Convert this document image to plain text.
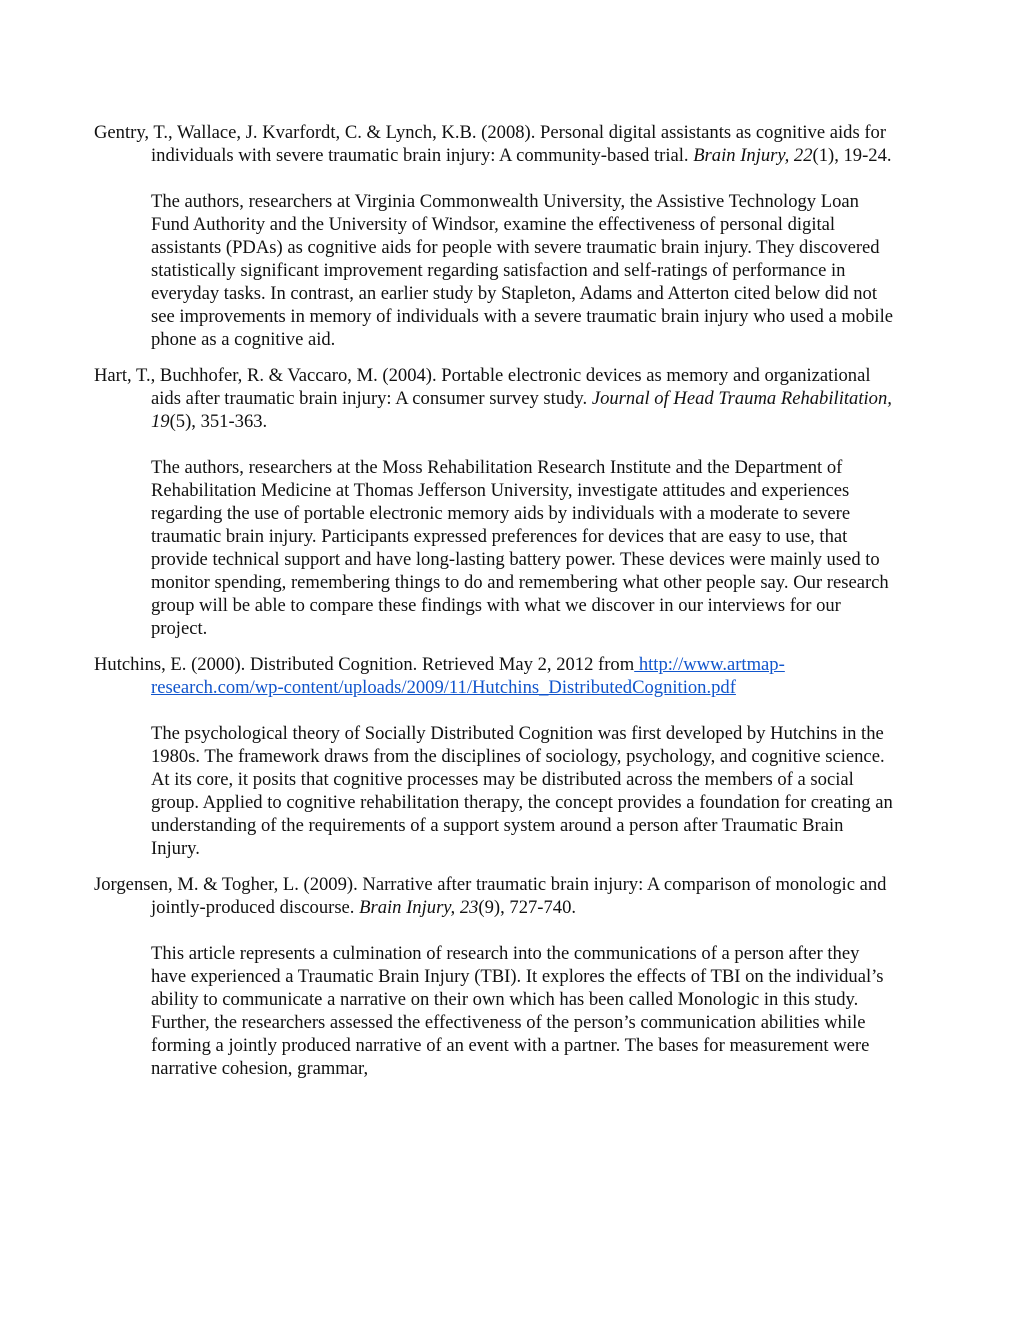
Gentry, T., Wallace, J. Kvarfordt, C. & Lynch, K.B. (2008). Personal digital assistants as cognitive aids for individuals with severe traumatic brain injury: A community-based trial. Brain Injury, 22(1), 19-24.

The authors, researchers at Virginia Commonwealth University, the Assistive Technology Loan Fund Authority and the University of Windsor, examine the effectiveness of personal digital assistants (PDAs) as cognitive aids for people with severe traumatic brain injury. They discovered statistically significant improvement regarding satisfaction and self-ratings of performance in everyday tasks. In contrast, an earlier study by Stapleton, Adams and Atterton cited below did not see improvements in memory of individuals with a severe traumatic brain injury who used a mobile phone as a cognitive aid.

Hart, T., Buchhofer, R. & Vaccaro, M. (2004). Portable electronic devices as memory and organizational aids after traumatic brain injury: A consumer survey study. Journal of Head Trauma Rehabilitation, 19(5), 351-363.

The authors, researchers at the Moss Rehabilitation Research Institute and the Department of Rehabilitation Medicine at Thomas Jefferson University, investigate attitudes and experiences regarding the use of portable electronic memory aids by individuals with a moderate to severe traumatic brain injury. Participants expressed preferences for devices that are easy to use, that provide technical support and have long-lasting battery power. These devices were mainly used to monitor spending, remembering things to do and remembering what other people say. Our research group will be able to compare these findings with what we discover in our interviews for our project.

Hutchins, E. (2000). Distributed Cognition. Retrieved May 2, 2012 from http://www.artmap-research.com/wp-content/uploads/2009/11/Hutchins_DistributedCognition.pdf

The psychological theory of Socially Distributed Cognition was first developed by Hutchins in the 1980s. The framework draws from the disciplines of sociology, psychology, and cognitive science. At its core, it posits that cognitive processes may be distributed across the members of a social group. Applied to cognitive rehabilitation therapy, the concept provides a foundation for creating an understanding of the requirements of a support system around a person after Traumatic Brain Injury.

Jorgensen, M. & Togher, L. (2009). Narrative after traumatic brain injury: A comparison of monologic and jointly-produced discourse. Brain Injury, 23(9), 727-740.

This article represents a culmination of research into the communications of a person after they have experienced a Traumatic Brain Injury (TBI). It explores the effects of TBI on the individual’s ability to communicate a narrative on their own which has been called Monologic in this study. Further, the researchers assessed the effectiveness of the person’s communication abilities while forming a jointly produced narrative of an event with a partner. The bases for measurement were narrative cohesion, grammar,
